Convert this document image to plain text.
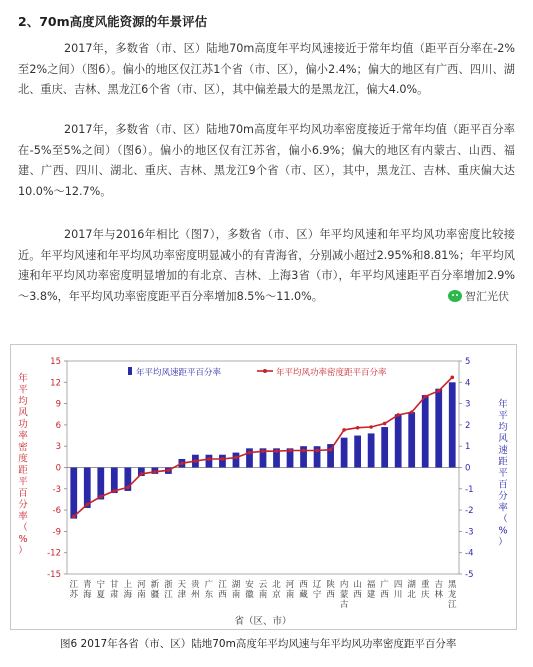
2、70m高度风能资源的年景评估

2017年，多数省（市、区）陆地70m高度年平均风速接近于常年均值（距平百分率在-2%至2%之间）（图6）。偏小的地区仅江苏1个省（市、区），偏小2.4%；偏大的地区有广西、四川、湖北、重庆、吉林、黑龙江6个省（市、区），其中偏差最大的是黑龙江，偏大4.0%。

2017年，多数省（市、区）陆地70m高度年平均风功率密度接近于常年均值（距平百分率在-5%至5%之间）（图6）。偏小的地区仅有江苏省，偏小6.9%；偏大的地区有内蒙古、山西、福建、广西、四川、湖北、重庆、吉林、黑龙江9个省（市、区），其中，黑龙江、吉林、重庆偏大达10.0%～12.7%。

2017年与2016年相比（图7），多数省（市、区）年平均风速和年平均风功率密度比较接近。年平均风速和年平均风功率密度明显减小的有青海省，分别减小超过2.95%和8.81%；年平均风速和年平均风功率密度明显增加的有北京、吉林、上海3省（市），年平均风速距平百分率增加2.9%～3.8%，年平均风功率密度距平百分率增加8.5%～11.0%。	智汇光伏
-15
-12
-9
-6
-3
0
3
6
9
12
15
-5
-4
-3
-2
-1
0
1
2
3
4
5
江苏
青海
宁夏
甘肃
上海
河南
新疆
浙江
天津
贵州
广东
江西
湖南
安徽
云南
北京
河南
西藏
辽宁
陕西
内蒙古
山西
福建
广西
四川
湖北
重庆
吉林
黑龙江
省（区、市）
年平均风功率密度距平百分率（%）
年平均风速距平百分率（%）
年平均风速距平百分率	年平均风功率密度距平百分率
图6 2017年各省（市、区）陆地70m高度年平均风速与年平均风功率密度距平百分率
